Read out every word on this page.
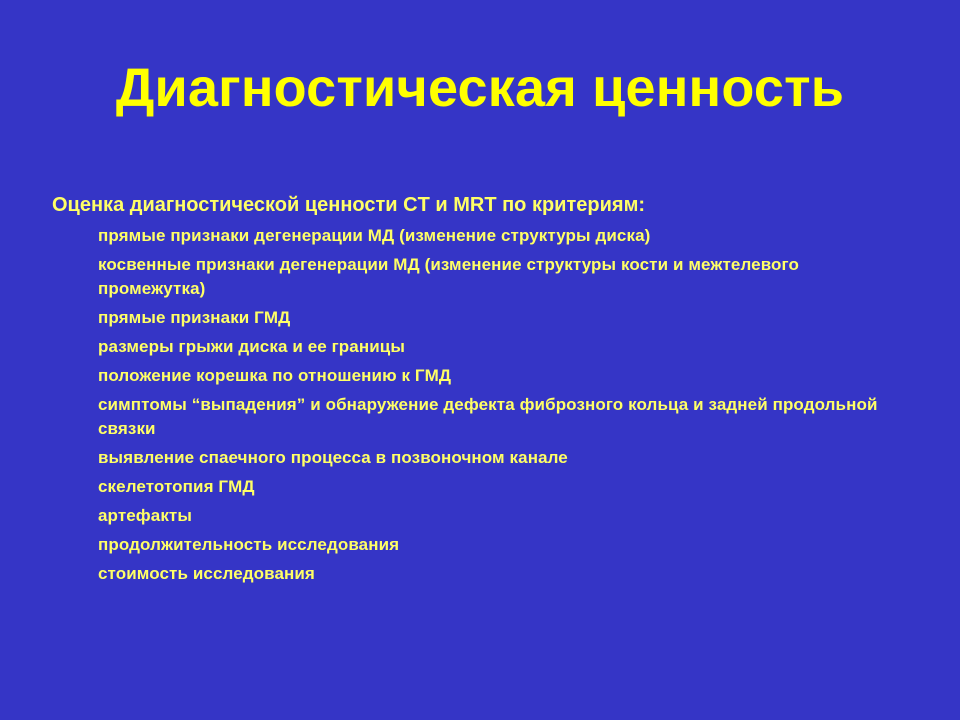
Диагностическая ценность
Оценка диагностической ценности CT и MRT по критериям:
прямые признаки дегенерации МД (изменение структуры диска)
косвенные признаки дегенерации МД (изменение структуры кости и межтелевого промежутка)
прямые признаки ГМД
размеры грыжи диска и ее границы
положение корешка по отношению к ГМД
симптомы “выпадения” и обнаружение дефекта фиброзного кольца и задней продольной связки
выявление спаечного процесса в позвоночном канале
скелетотопия ГМД
артефакты
продолжительность исследования
стоимость исследования
